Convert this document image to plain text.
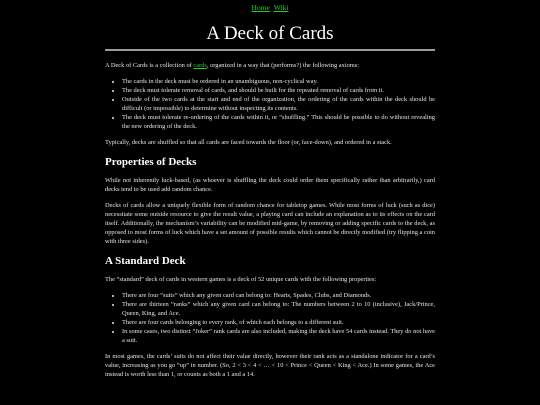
Home Wiki
A Deck of Cards

A Deck of Cards is a collection of cards, organized in a way that (performs?) the following axioms:

• The cards in the deck must be ordered in an unambiguous, non-cyclical way.
• The deck must tolerate removal of cards, and should be built for the repeated removal of cards from it.
• Outside of the two cards at the start and end of the organization, the ordering of the cards within the deck should be difficult (or impossible) to determine without inspecting its contents.
• The deck must tolerate re-ordering of the cards within it, or “shuffling.” This should be possible to do without revealing the new ordering of the deck.

Typically, decks are shuffled so that all cards are faced towards the floor (or, face-down), and ordered in a stack.

Properties of Decks

While not inherently luck-based, (as whoever is shuffling the deck could order them specifically rather than arbitrarily,) card decks tend to be used add random chance.

Decks of cards allow a uniquely flexible form of random chance for tabletop games. While most forms of luck (such as dice) necessitate some outside resource to give the result value, a playing card can include an explanation as to its effects on the card itself. Additionally, the mechanism’s variability can be modified mid-game, by removing or adding specific cards to the deck, as opposed to most forms of luck which have a set amount of possible results which cannot be directly modified (try flipping a coin with three sides).

A Standard Deck

The “standard” deck of cards in western games is a deck of 52 unique cards with the following properties:

• There are four “suits” which any given card can belong to: Hearts, Spades, Clubs, and Diamonds.
• There are thirteen “ranks” which any given card can belong to: The numbers between 2 to 10 (inclusive), Jack/Prince, Queen, King, and Ace.
• There are four cards belonging to every rank, of which each belongs to a different suit.
• In some cases, two distinct “Joker” rank cards are also included, making the deck have 54 cards instead. They do not have a suit.

In most games, the cards’ suits do not affect their value directly, however their rank acts as a standalone indicator for a card’s value, increasing as you go “up” in number. (So, 2 < 3 < 4 < … < 10 < Prince < Queen < King < Ace.) In some games, the Ace instead is worth less than 1, or counts as both a 1 and a 14.
